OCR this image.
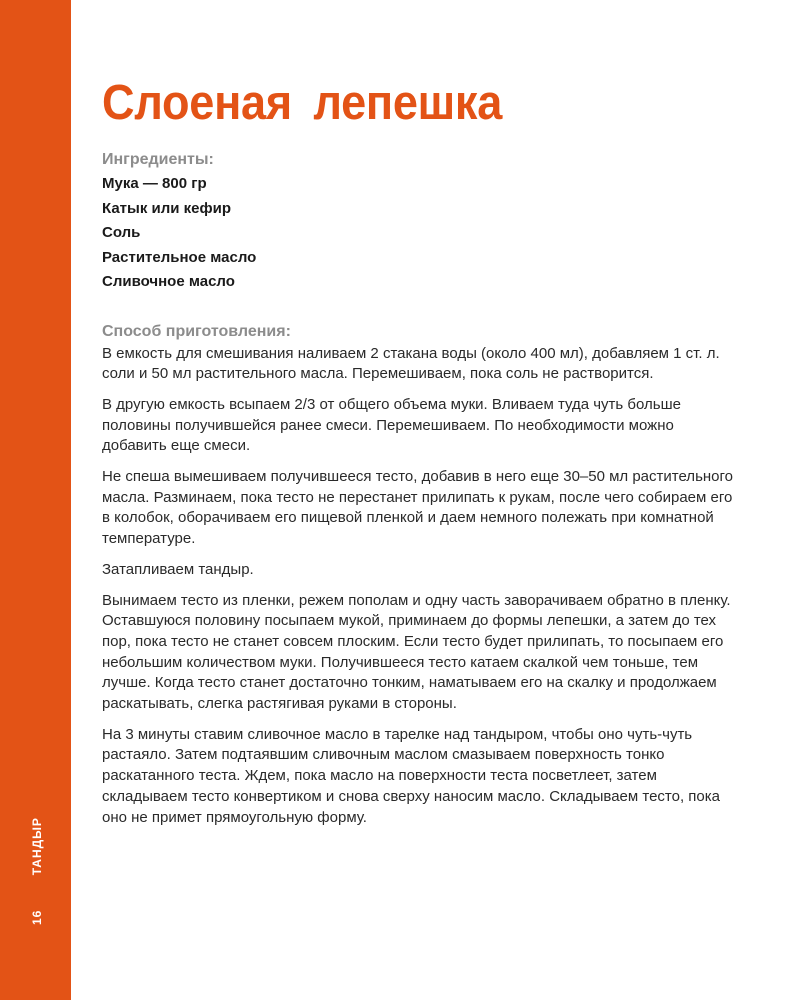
16 ТАНДЫР
Слоеная лепешка
Ингредиенты:
Мука — 800 гр
Катык или кефир
Соль
Растительное масло
Сливочное масло
Способ приготовления:

В емкость для смешивания наливаем 2 стакана воды (около 400 мл), добавляем 1 ст. л. соли и 50 мл растительного масла. Перемешиваем, пока соль не растворится.

В другую емкость всыпаем 2/3 от общего объема муки. Вливаем туда чуть больше половины получившейся ранее смеси. Перемешиваем. По необходимости можно добавить еще смеси.

Не спеша вымешиваем получившееся тесто, добавив в него еще 30–50 мл растительного масла. Разминаем, пока тесто не перестанет прилипать к рукам, после чего собираем его в колобок, оборачиваем его пищевой пленкой и даем немного полежать при комнатной температуре.

Затапливаем тандыр.

Вынимаем тесто из пленки, режем пополам и одну часть заворачиваем обратно в пленку. Оставшуюся половину посыпаем мукой, приминаем до формы лепешки, а затем до тех пор, пока тесто не станет совсем плоским. Если тесто будет прилипать, то посыпаем его небольшим количеством муки. Получившееся тесто катаем скалкой чем тоньше, тем лучше. Когда тесто станет достаточно тонким, наматываем его на скалку и продолжаем раскатывать, слегка растягивая руками в стороны.

На 3 минуты ставим сливочное масло в тарелке над тандыром, чтобы оно чуть-чуть растаяло. Затем подтаявшим сливочным маслом смазываем поверхность тонко раскатанного теста. Ждем, пока масло на поверхности теста посветлеет, затем складываем тесто конвертиком и снова сверху наносим масло. Складываем тесто, пока оно не примет прямоугольную форму.
